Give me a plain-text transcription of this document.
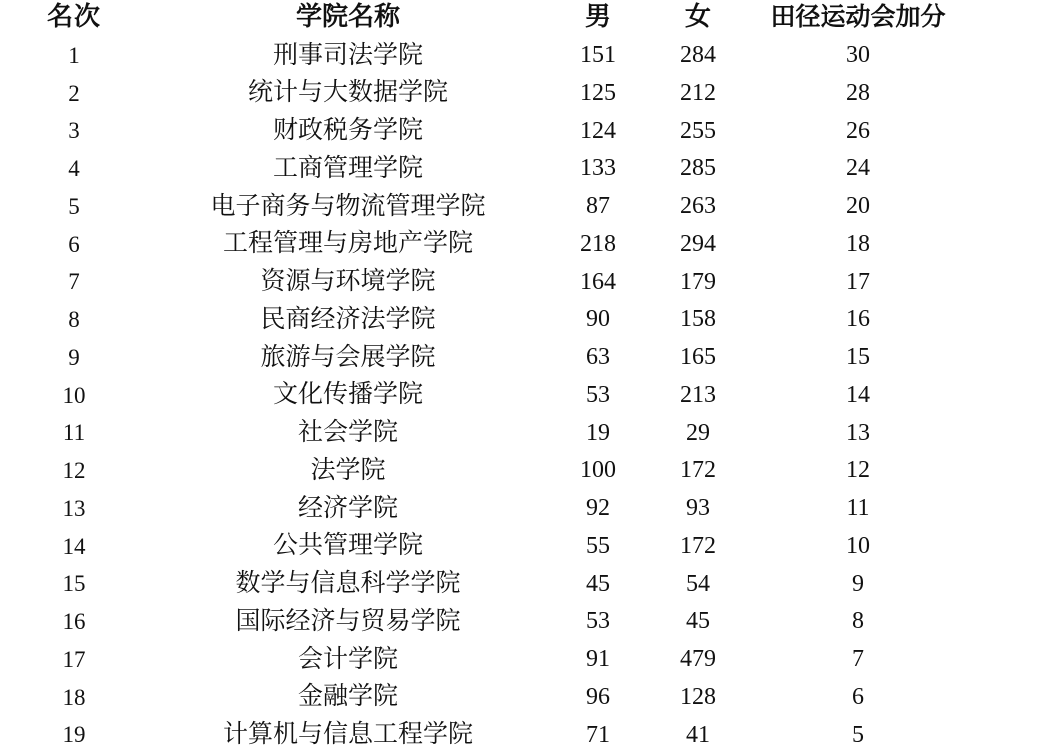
名次	学院名称	男	女	田径运动会加分	
1	刑事司法学院	151	284	30	
2	统计与大数据学院	125	212	28	
3	财政税务学院	124	255	26	
4	工商管理学院	133	285	24	
5	电子商务与物流管理学院	87	263	20	
6	工程管理与房地产学院	218	294	18	
7	资源与环境学院	164	179	17	
8	民商经济法学院	90	158	16	
9	旅游与会展学院	63	165	15	
10	文化传播学院	53	213	14	
11	社会学院	19	29	13	
12	法学院	100	172	12	
13	经济学院	92	93	11	
14	公共管理学院	55	172	10	
15	数学与信息科学学院	45	54	9	
16	国际经济与贸易学院	53	45	8	
17	会计学院	91	479	7	
18	金融学院	96	128	6	
19	计算机与信息工程学院	71	41	5	
